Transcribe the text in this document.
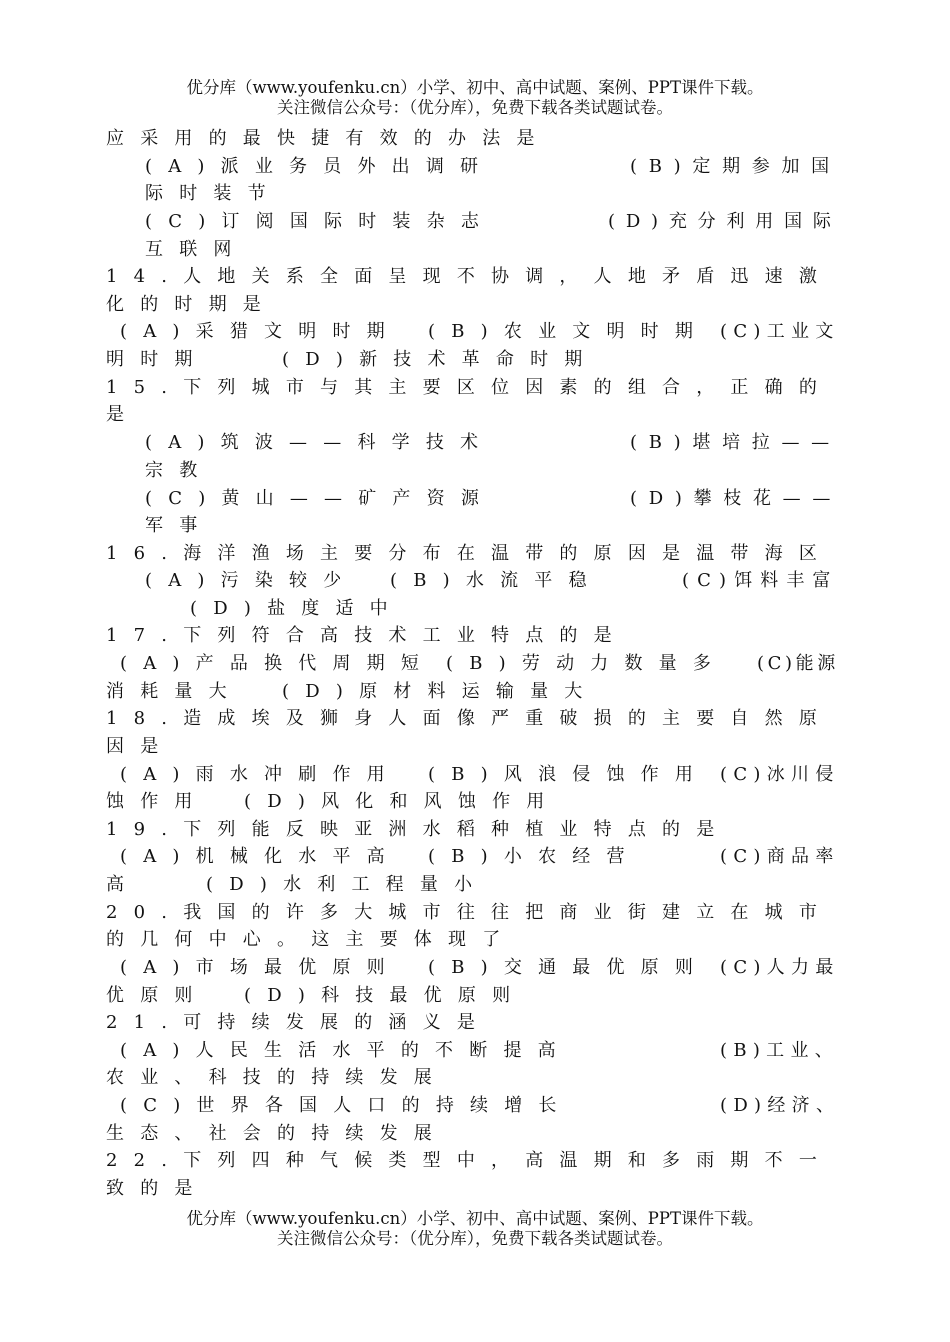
优分库（www.youfenku.cn）小学、初中、高中试题、案例、PPT课件下载。
关注微信公众号：（优分库），免费下载各类试题试卷。
应采用的最快捷有效的办法是
(A)派业务员外出调研	(B)定期参加国
际时装节
(C)订阅国际时装杂志	(D)充分利用国际
互联网
14.人地关系全面呈现不协调，人地矛盾迅速激
化的时期是
(A)采猎文明时期 (B)农业文明时期 (C)工业文
明时期	(D)新技术革命时期
15.下列城市与其主要区位因素的组合，正确的
是
(A)筑波——科学技术	(B)堪培拉——
宗教
(C)黄山——矿产资源	(D)攀枝花——
军事
16.海洋渔场主要分布在温带的原因是温带海区
(A)污染较少 (B)水流平稳	(C)饵料丰富
(D)盐度适中
17.下列符合高技术工业特点的是
(A)产品换代周期短 (B)劳动力数量多 (C)能源
消耗量大 (D)原材料运输量大
18.造成埃及狮身人面像严重破损的主要自然原
因是
(A)雨水冲刷作用 (B)风浪侵蚀作用 (C)冰川侵
蚀作用 (D)风化和风蚀作用
19.下列能反映亚洲水稻种植业特点的是
(A)机械化水平高 (B)小农经营	(C)商品率
高	(D)水利工程量小
20.我国的许多大城市往往把商业街建立在城市
的几何中心。这主要体现了
(A)市场最优原则 (B)交通最优原则 (C)人力最
优原则 (D)科技最优原则
21.可持续发展的涵义是
(A)人民生活水平的不断提高	(B)工业、
农业、科技的持续发展
(C)世界各国人口的持续增长	(D)经济、
生态、社会的持续发展
22.下列四种气候类型中，高温期和多雨期不一
致的是
优分库（www.youfenku.cn）小学、初中、高中试题、案例、PPT课件下载。
关注微信公众号：（优分库），免费下载各类试题试卷。
